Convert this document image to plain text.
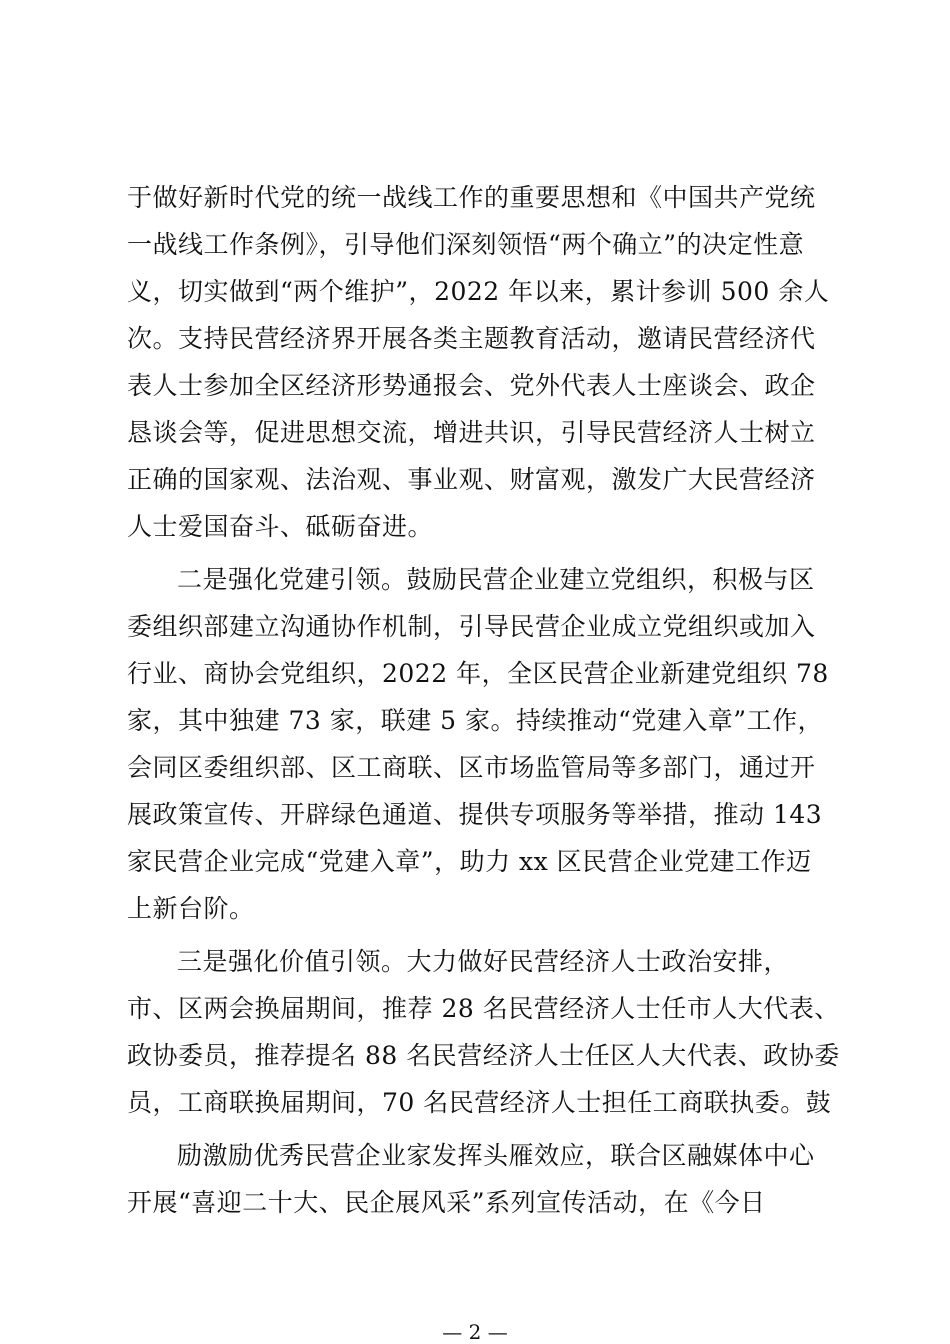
于做好新时代党的统一战线工作的重要思想和《中国共产党统
一战线工作条例》，引导他们深刻领悟“两个确立”的决定性意
义，切实做到“两个维护”，2022 年以来，累计参训 500 余人
次。支持民营经济界开展各类主题教育活动，邀请民营经济代
表人士参加全区经济形势通报会、党外代表人士座谈会、政企
恳谈会等，促进思想交流，增进共识，引导民营经济人士树立
正确的国家观、法治观、事业观、财富观，激发广大民营经济
人士爱国奋斗、砥砺奋进。
二是强化党建引领。鼓励民营企业建立党组织，积极与区
委组织部建立沟通协作机制，引导民营企业成立党组织或加入
行业、商协会党组织，2022 年，全区民营企业新建党组织 78
家，其中独建 73 家，联建 5 家。持续推动“党建入章”工作，
会同区委组织部、区工商联、区市场监管局等多部门，通过开
展政策宣传、开辟绿色通道、提供专项服务等举措，推动 143
家民营企业完成“党建入章”，助力 xx 区民营企业党建工作迈
上新台阶。
三是强化价值引领。大力做好民营经济人士政治安排，
市、区两会换届期间，推荐 28 名民营经济人士任市人大代表、
政协委员，推荐提名 88 名民营经济人士任区人大代表、政协委
员，工商联换届期间，70 名民营经济人士担任工商联执委。鼓
励激励优秀民营企业家发挥头雁效应，联合区融媒体中心
开展“喜迎二十大、民企展风采”系列宣传活动，在《今日
— 2 —
